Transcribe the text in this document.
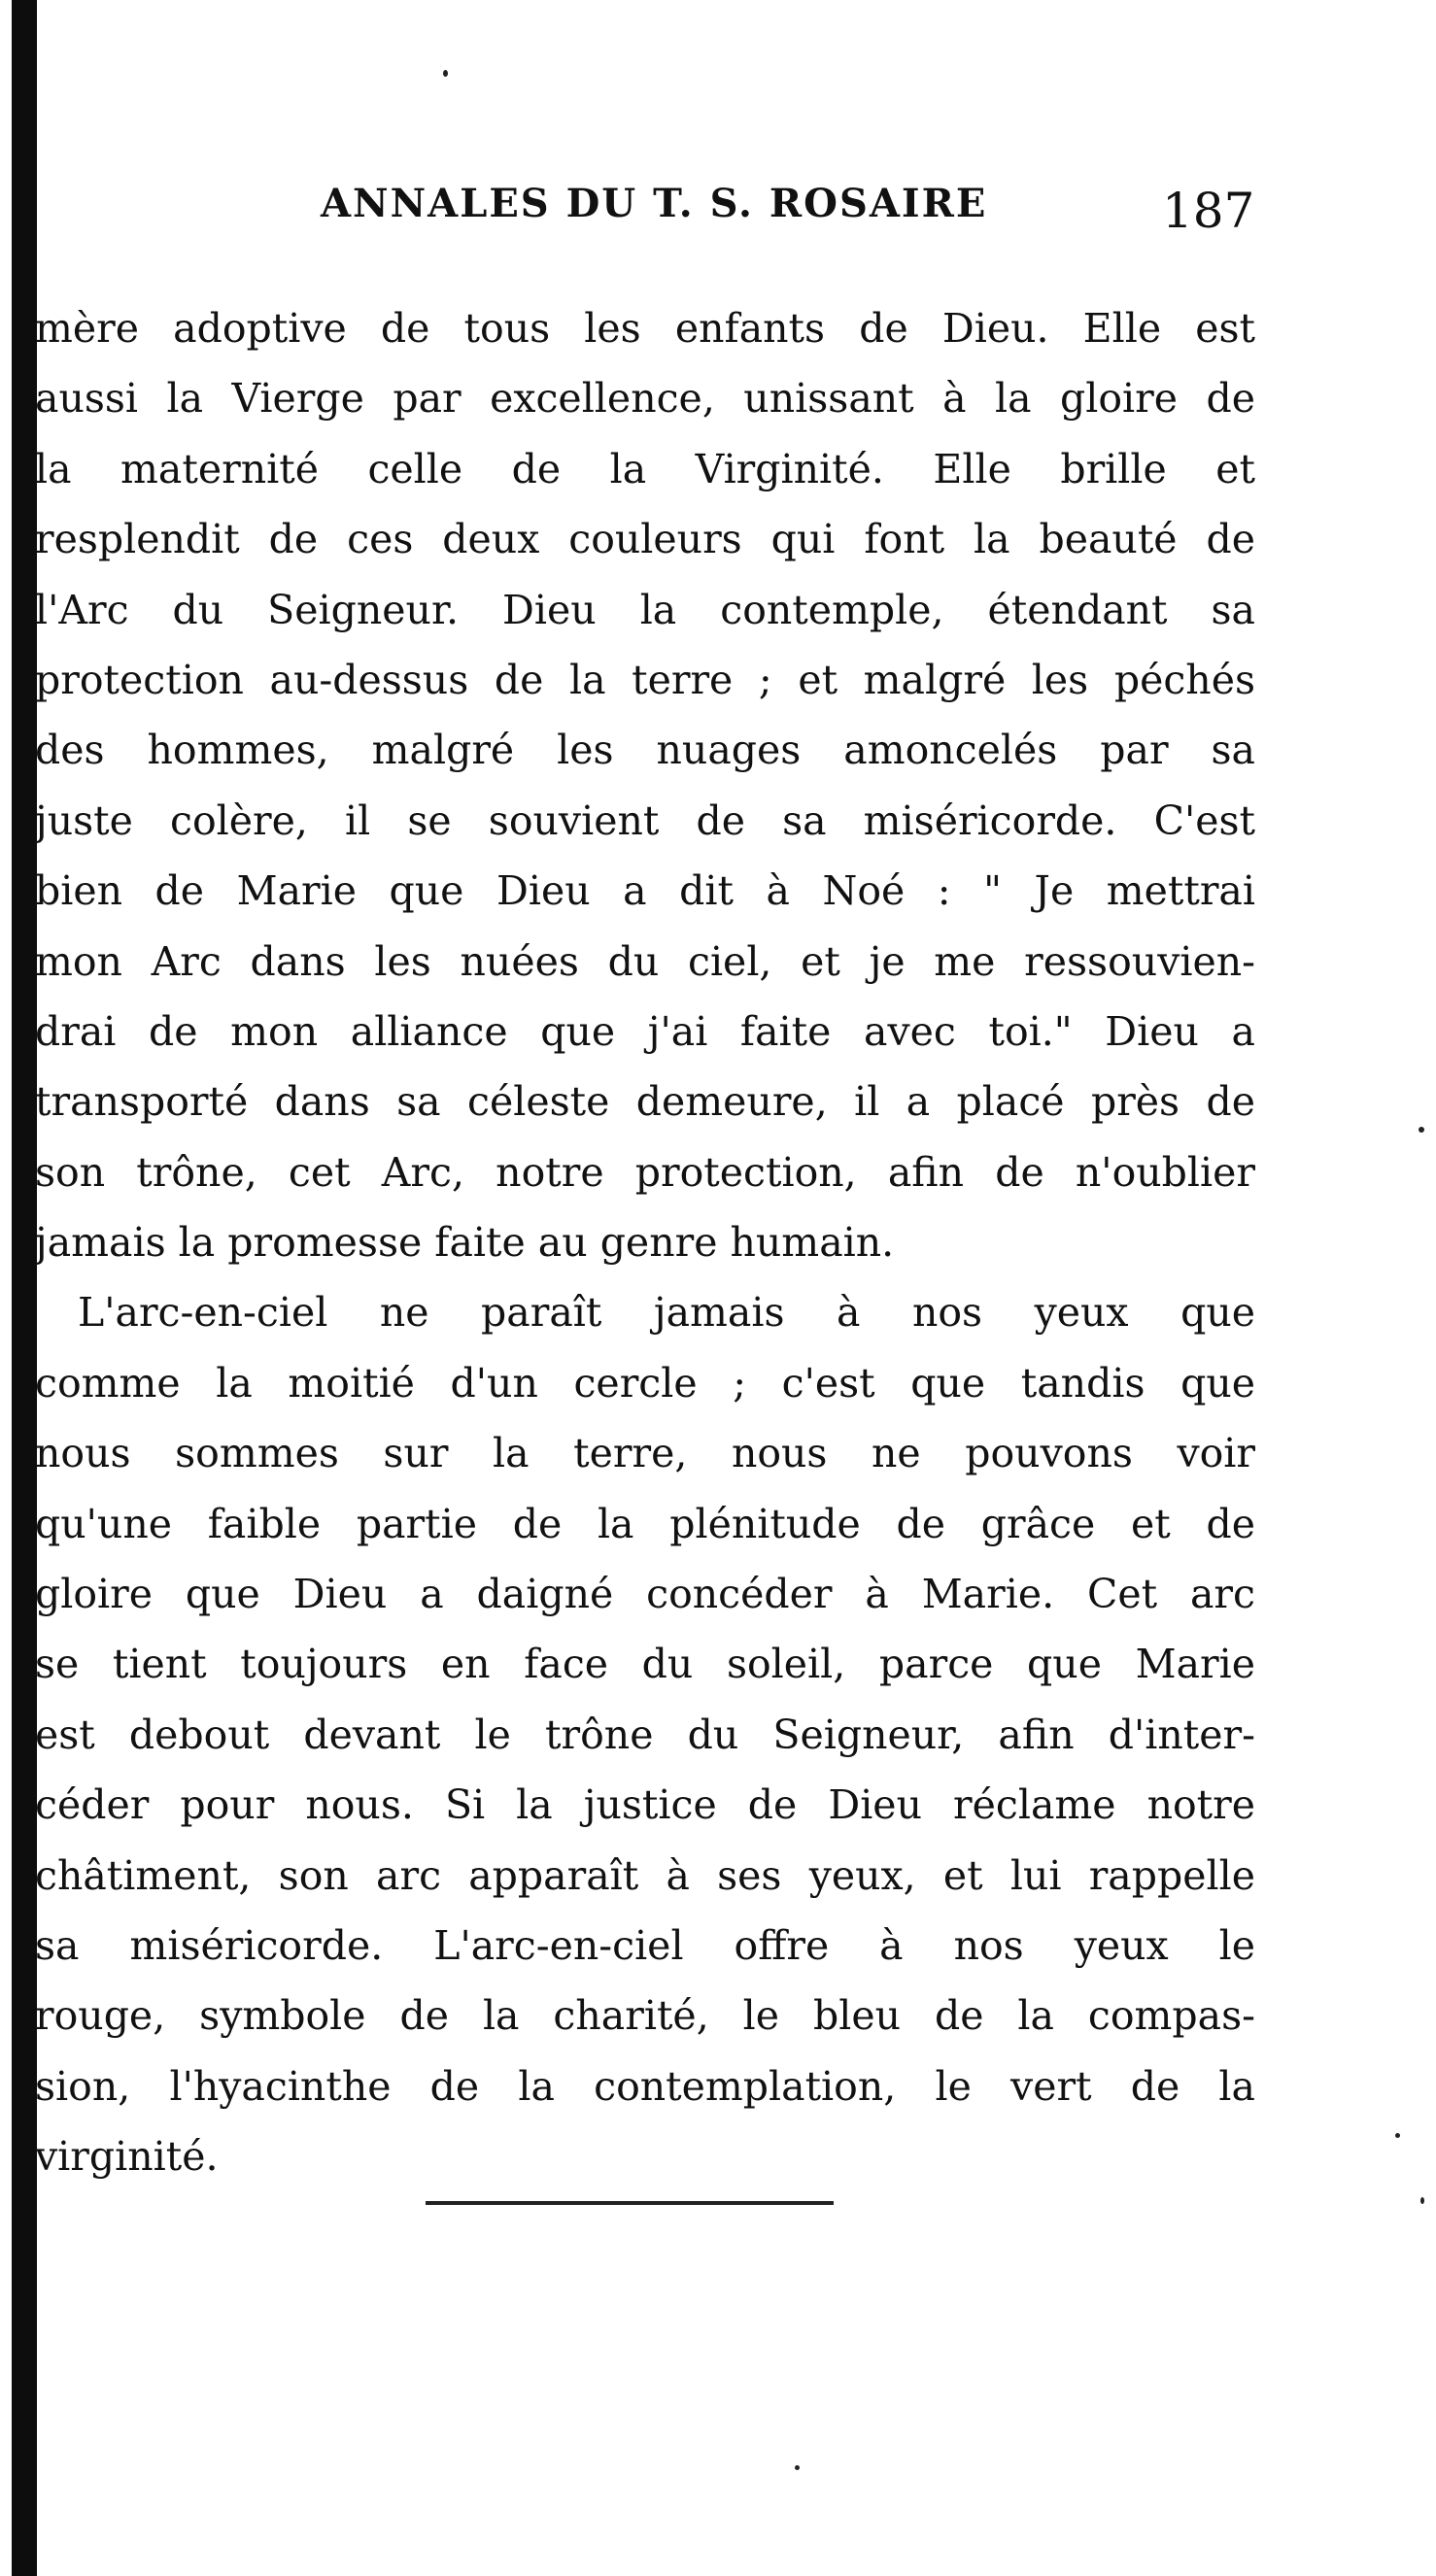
ANNALES DU T. S. ROSAIRE	187
mère adoptive de tous les enfants de Dieu. Elle est
aussi la Vierge par excellence, unissant à la gloire de
la maternité celle de la Virginité. Elle brille et
resplendit de ces deux couleurs qui font la beauté de
l'Arc du Seigneur. Dieu la contemple, étendant sa
protection au-dessus de la terre ; et malgré les péchés
des hommes, malgré les nuages amoncelés par sa
juste colère, il se souvient de sa miséricorde. C'est
bien de Marie que Dieu a dit à Noé : " Je mettrai
mon Arc dans les nuées du ciel, et je me ressouvien-
drai de mon alliance que j'ai faite avec toi." Dieu a
transporté dans sa céleste demeure, il a placé près de
son trône, cet Arc, notre protection, afin de n'oublier
jamais la promesse faite au genre humain.
L'arc-en-ciel ne paraît jamais à nos yeux que
comme la moitié d'un cercle ; c'est que tandis que
nous sommes sur la terre, nous ne pouvons voir
qu'une faible partie de la plénitude de grâce et de
gloire que Dieu a daigné concéder à Marie. Cet arc
se tient toujours en face du soleil, parce que Marie
est debout devant le trône du Seigneur, afin d'inter-
céder pour nous. Si la justice de Dieu réclame notre
châtiment, son arc apparaît à ses yeux, et lui rappelle
sa miséricorde. L'arc-en-ciel offre à nos yeux le
rouge, symbole de la charité, le bleu de la compas-
sion, l'hyacinthe de la contemplation, le vert de la
virginité.
